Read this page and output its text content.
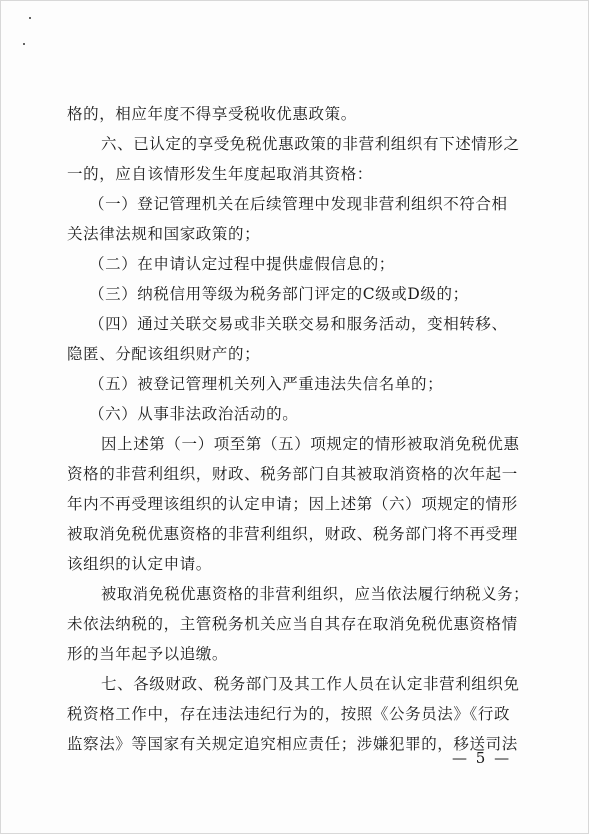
格的，相应年度不得享受税收优惠政策。
六、已认定的享受免税优惠政策的非营利组织有下述情形之
一的，应自该情形发生年度起取消其资格：
（一）登记管理机关在后续管理中发现非营利组织不符合相
关法律法规和国家政策的；
（二）在申请认定过程中提供虚假信息的；
（三）纳税信用等级为税务部门评定的C级或D级的；
（四）通过关联交易或非关联交易和服务活动，变相转移、
隐匿、分配该组织财产的；
（五）被登记管理机关列入严重违法失信名单的；
（六）从事非法政治活动的。
因上述第（一）项至第（五）项规定的情形被取消免税优惠
资格的非营利组织，财政、税务部门自其被取消资格的次年起一
年内不再受理该组织的认定申请；因上述第（六）项规定的情形
被取消免税优惠资格的非营利组织，财政、税务部门将不再受理
该组织的认定申请。
被取消免税优惠资格的非营利组织，应当依法履行纳税义务；
未依法纳税的，主管税务机关应当自其存在取消免税优惠资格情
形的当年起予以追缴。
七、各级财政、税务部门及其工作人员在认定非营利组织免
税资格工作中，存在违法违纪行为的，按照《公务员法》《行政
监察法》等国家有关规定追究相应责任；涉嫌犯罪的，移送司法
— 5 —
